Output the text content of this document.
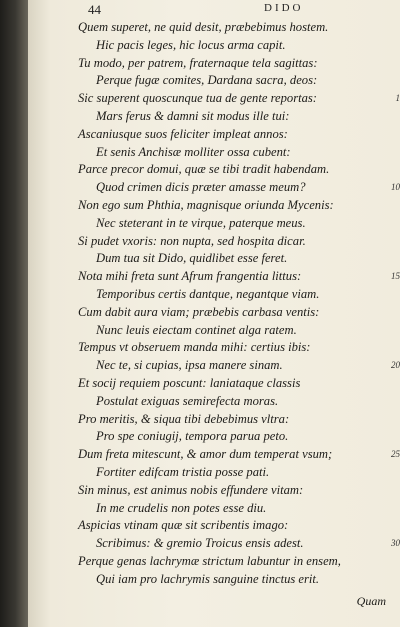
44	DIDO
Quem superet, ne quid desit, præbebimus hostem.
Hic pacis leges, hic locus arma capit.
Tu modo, per patrem, fraternaque tela sagittas:
Perque fugæ comites, Dardana sacra, deos:
Sic superent quoscunque tua de gente reportas:	1
Mars ferus & damni sit modus ille tui:
Ascaniusque suos feliciter impleat annos:
Et senis Anchisæ molliter ossa cubent:
Parce precor domui, quæ se tibi tradit habendam.
Quod crimen dicis præter amasse meum?	10
Non ego sum Phthia, magnisque oriunda Mycenis:
Nec steterant in te virque, paterque meus.
Si pudet vxoris: non nupta, sed hospita dicar.
Dum tua sit Dido, quidlibet esse feret.
Nota mihi freta sunt Afrum frangentia littus:	15
Temporibus certis dantque, negantque viam.
Cum dabit aura viam; præbebis carbasa ventis:
Nunc leuis eiectam continet alga ratem.
Tempus vt obseruem manda mihi: certius ibis:
Nec te, si cupias, ipsa manere sinam.	20
Et socij requiem poscunt: laniataque classis
Postulat exiguas semirefecta moras.
Pro meritis, & siqua tibi debebimus vltra:
Pro spe coniugij, tempora parua peto.
Dum freta mitescunt, & amor dum temperat vsum;	25
Fortiter edifcam tristia posse pati.
Sin minus, est animus nobis effundere vitam:
In me crudelis non potes esse diu.
Aspicias vtinam quæ sit scribentis imago:
Scribimus: & gremio Troicus ensis adest.	30
Perque genas lachrymæ strictum labuntur in ensem,
Qui iam pro lachrymis sanguine tinctus erit.
Quam
